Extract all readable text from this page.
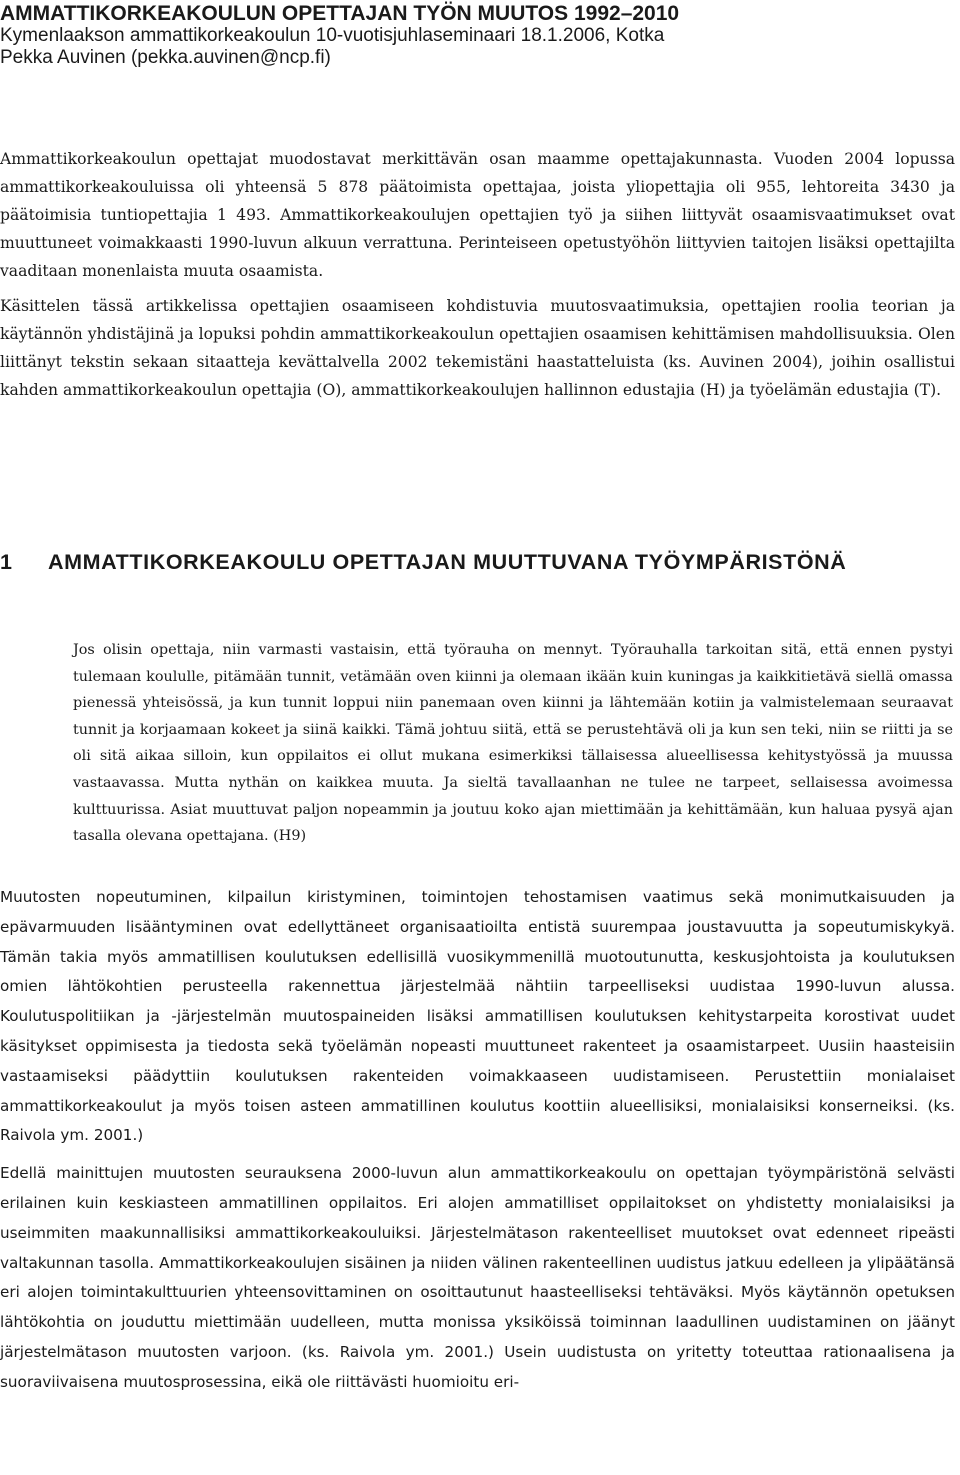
AMMATTIKORKEAKOULUN OPETTAJAN TYÖN MUUTOS 1992–2010

Kymenlaakson ammattikorkeakoulun 10-vuotisjuhlaseminaari 18.1.2006, Kotka

Pekka Auvinen (pekka.auvinen@ncp.fi)

Ammattikorkeakoulun opettajat muodostavat merkittävän osan maamme opettajakunnasta. Vuoden 2004 lopussa ammattikorkeakouluissa oli yhteensä 5 878 päätoimista opettajaa, joista yliopettajia oli 955, lehtoreita 3430 ja päätoimisia tuntiopettajia 1 493. Ammattikorkeakoulujen opettajien työ ja siihen liittyvät osaamisvaatimukset ovat muuttuneet voimakkaasti 1990-luvun alkuun verrattuna. Perinteiseen opetustyöhön liittyvien taitojen lisäksi opettajilta vaaditaan monenlaista muuta osaamista.

Käsittelen tässä artikkelissa opettajien osaamiseen kohdistuvia muutosvaatimuksia, opettajien roolia teorian ja käytännön yhdistäjinä ja lopuksi pohdin ammattikorkeakoulun opettajien osaamisen kehittämisen mahdollisuuksia. Olen liittänyt tekstin sekaan sitaatteja kevättalvella 2002 tekemistäni haastatteluista (ks. Auvinen 2004), joihin osallistui kahden ammattikorkeakoulun opettajia (O), ammattikorkeakoulujen hallinnon edustajia (H) ja työelämän edustajia (T).

1	AMMATTIKORKEAKOULU OPETTAJAN MUUTTUVANA TYÖYMPÄRISTÖNÄ

Jos olisin opettaja, niin varmasti vastaisin, että työrauha on mennyt. Työrauhalla tarkoitan sitä, että ennen pystyi tulemaan koululle, pitämään tunnit, vetämään oven kiinni ja olemaan ikään kuin kuningas ja kaikkitietävä siellä omassa pienessä yhteisössä, ja kun tunnit loppui niin panemaan oven kiinni ja lähtemään kotiin ja valmistelemaan seuraavat tunnit ja korjaamaan kokeet ja siinä kaikki. Tämä johtuu siitä, että se perustehtävä oli ja kun sen teki, niin se riitti ja se oli sitä aikaa silloin, kun oppilaitos ei ollut mukana esimerkiksi tällaisessa alueellisessa kehitystyössä ja muussa vastaavassa. Mutta nythän on kaikkea muuta. Ja sieltä tavallaanhan ne tulee ne tarpeet, sellaisessa avoimessa kulttuurissa. Asiat muuttuvat paljon nopeammin ja joutuu koko ajan miettimään ja kehittämään, kun haluaa pysyä ajan tasalla olevana opettajana. (H9)

Muutosten nopeutuminen, kilpailun kiristyminen, toimintojen tehostamisen vaatimus sekä monimutkaisuuden ja epävarmuuden lisääntyminen ovat edellyttäneet organisaatioilta entistä suurempaa joustavuutta ja sopeutumiskykyä. Tämän takia myös ammatillisen koulutuksen edellisillä vuosikymmenillä muotoutunutta, keskusjohtoista ja koulutuksen omien lähtökohtien perusteella rakennettua järjestelmää nähtiin tarpeelliseksi uudistaa 1990-luvun alussa. Koulutuspolitiikan ja -järjestelmän muutospaineiden lisäksi ammatillisen koulutuksen kehitystarpeita korostivat uudet käsitykset oppimisesta ja tiedosta sekä työelämän nopeasti muuttuneet rakenteet ja osaamistarpeet. Uusiin haasteisiin vastaamiseksi päädyttiin koulutuksen rakenteiden voimakkaaseen uudistamiseen. Perustettiin monialaiset ammattikorkeakoulut ja myös toisen asteen ammatillinen koulutus koottiin alueellisiksi, monialaisiksi konserneiksi. (ks. Raivola ym. 2001.)

Edellä mainittujen muutosten seurauksena 2000-luvun alun ammattikorkeakoulu on opettajan työympäristönä selvästi erilainen kuin keskiasteen ammatillinen oppilaitos. Eri alojen ammatilliset oppilaitokset on yhdistetty monialaisiksi ja useimmiten maakunnallisiksi ammattikorkeakouluiksi. Järjestelmätason rakenteelliset muutokset ovat edenneet ripeästi valtakunnan tasolla. Ammattikorkeakoulujen sisäinen ja niiden välinen rakenteellinen uudistus jatkuu edelleen ja ylipäätänsä eri alojen toimintakulttuurien yhteensovittaminen on osoittautunut haasteelliseksi tehtäväksi. Myös käytännön opetuksen lähtökohtia on jouduttu miettimään uudelleen, mutta monissa yksiköissä toiminnan laadullinen uudistaminen on jäänyt järjestelmätason muutosten varjoon. (ks. Raivola ym. 2001.) Usein uudistusta on yritetty toteuttaa rationaalisena ja suoraviivaisena muutosprosessina, eikä ole riittävästi huomioitu eri-
